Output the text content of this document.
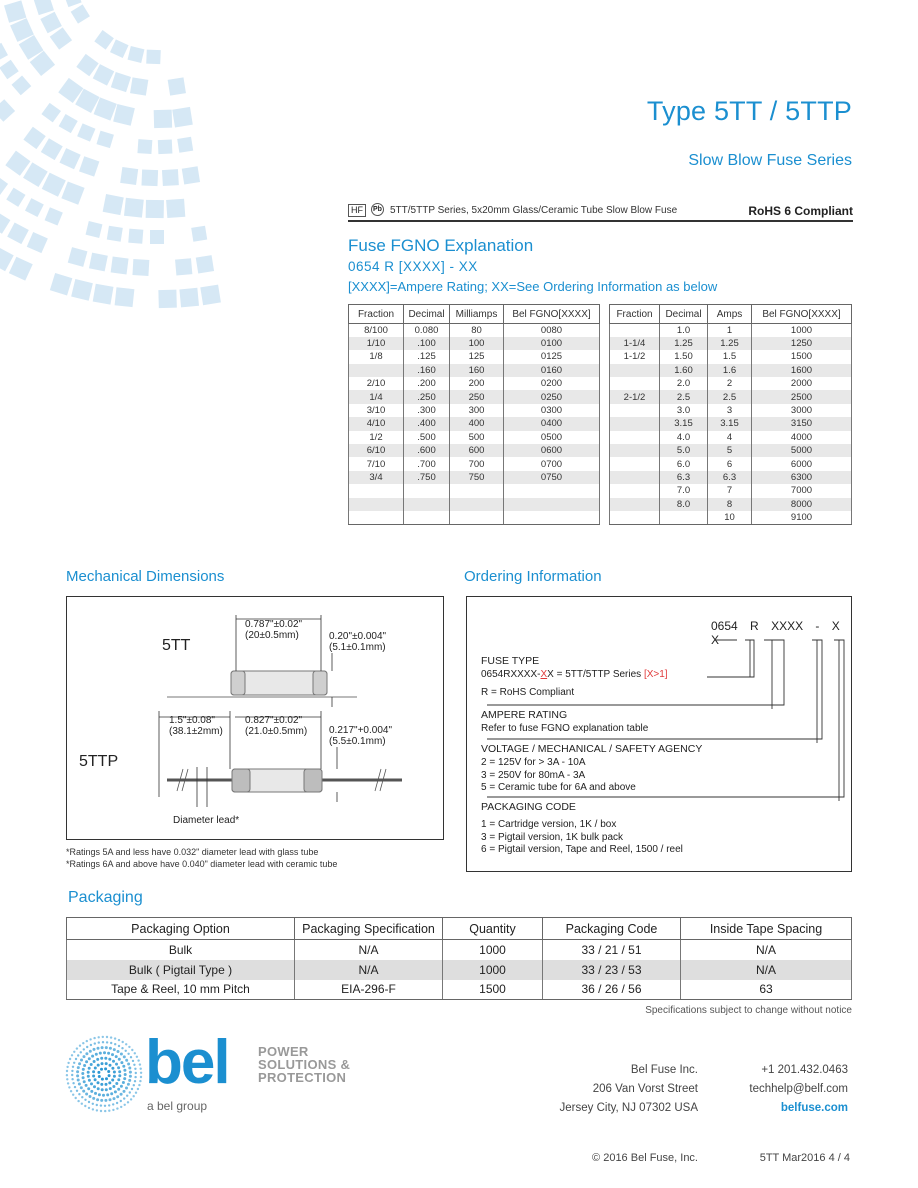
Type 5TT / 5TTP
Slow Blow Fuse Series
HF	Pb 5TT/5TTP Series, 5x20mm Glass/Ceramic Tube Slow Blow Fuse	RoHS 6 Compliant
Fuse FGNO Explanation
0654 R [XXXX] - XX
[XXXX]=Ampere Rating; XX=See Ordering Information as below
Fraction	Decimal	Milliamps	Bel FGNO[XXXX]
8/100	0.080	80	0080
1/10	.100	100	0100
1/8	.125	125	0125
	.160	160	0160
2/10	.200	200	0200
1/4	.250	250	0250
3/10	.300	300	0300
4/10	.400	400	0400
1/2	.500	500	0500
6/10	.600	600	0600
7/10	.700	700	0700
3/4	.750	750	0750

Fraction	Decimal	Amps	Bel FGNO[XXXX]
	1.0	1	1000
1-1/4	1.25	1.25	1250
1-1/2	1.50	1.5	1500
	1.60	1.6	1600
	2.0	2	2000
2-1/2	2.5	2.5	2500
	3.0	3	3000
	3.15	3.15	3150
	4.0	4	4000
	5.0	5	5000
	6.0	6	6000
	6.3	6.3	6300
	7.0	7	7000
	8.0	8	8000
		10	9100
Mechanical Dimensions
5TT
5TTP
0.787"±0.02"
(20±0.5mm)	0.20"±0.004"
(5.1±0.1mm)
1.5"±0.08"
(38.1±2mm)
0.827"±0.02"
(21.0±0.5mm) 0.217"+0.004"
(5.5±0.1mm)
Diameter lead*
*Ratings 5A and less have 0.032" diameter lead with glass tube
*Ratings 6A and above have 0.040" diameter lead with ceramic tube
Ordering Information
0654 R XXXX - X X
FUSE TYPE
0654RXXXX-XX = 5TT/5TTP Series [X>1]
R = RoHS Compliant
AMPERE RATING
Refer to fuse FGNO explanation table
VOLTAGE / MECHANICAL / SAFETY AGENCY
2 = 125V for > 3A - 10A
3 = 250V for 80mA - 3A
5 = Ceramic tube for 6A and above
PACKAGING CODE
1 = Cartridge version, 1K / box
3 = Pigtail version, 1K bulk pack
6 = Pigtail version, Tape and Reel, 1500 / reel
Packaging
Packaging Option	Packaging Specification	Quantity	Packaging Code	Inside Tape Spacing
Bulk	N/A	1000	33 / 21 / 51	N/A
Bulk ( Pigtail Type )	N/A	1000	33 / 23 / 53	N/A
Tape & Reel, 10 mm Pitch	EIA-296-F	1500	36 / 26 / 56	63
Specifications subject to change without notice
bel POWER
SOLUTIONS &
PROTECTION
a bel group
Bel Fuse Inc.
206 Van Vorst Street
Jersey City, NJ 07302 USA
+1 201.432.0463
techhelp@belf.com
belfuse.com
© 2016 Bel Fuse, Inc.	5TT Mar2016 4 / 4
